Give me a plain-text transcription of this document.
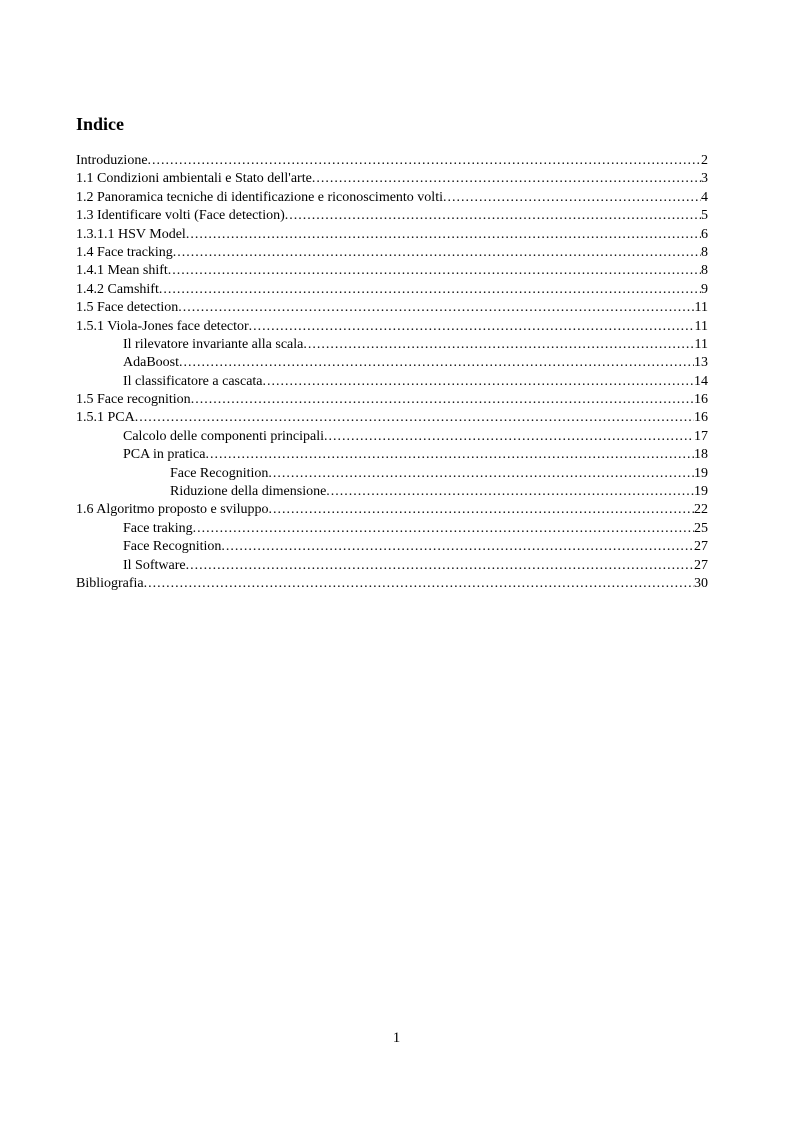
Indice
Introduzione .....	2
1.1 Condizioni ambientali e Stato dell'arte .....	3
1.2 Panoramica tecniche di identificazione e riconoscimento volti .....	4
1.3 Identificare volti (Face detection) .....	5
1.3.1.1 HSV Model .....	6
1.4 Face tracking .....	8
1.4.1 Mean shift .....	8
1.4.2 Camshift .....	9
1.5 Face detection .....	11
1.5.1 Viola-Jones face detector .....	11
Il rilevatore invariante alla scala .....	11
AdaBoost .....	13
Il classificatore a cascata .....	14
1.5 Face recognition .....	16
1.5.1 PCA .....	16
Calcolo delle componenti principali .....	17
PCA in pratica .....	18
Face Recognition .....	19
Riduzione della dimensione .....	19
1.6 Algoritmo proposto e sviluppo .....	22
Face traking .....	25
Face Recognition .....	27
Il Software .....	27
Bibliografia .....	30
1
